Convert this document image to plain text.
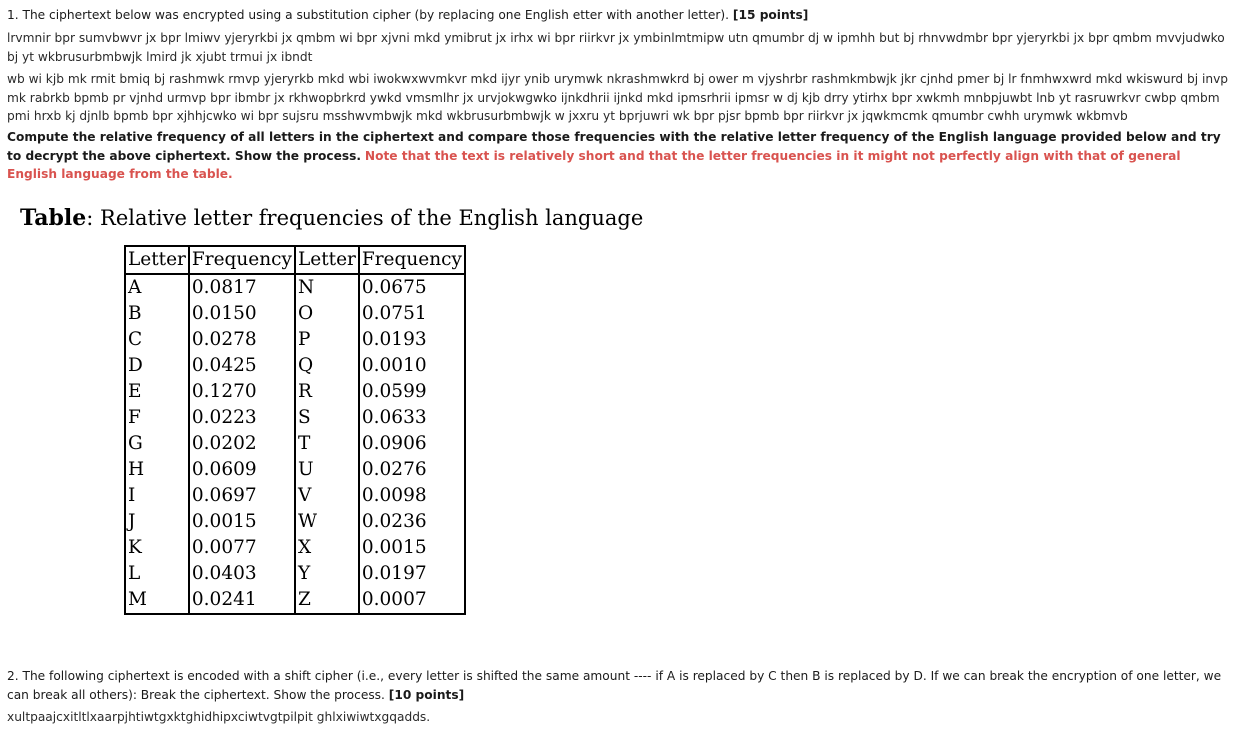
1. The ciphertext below was encrypted using a substitution cipher (by replacing one English etter with another letter). [15 points]
lrvmnir bpr sumvbwvr jx bpr lmiwv yjeryrkbi jx qmbm wi bpr xjvni mkd ymibrut jx irhx wi bpr riirkvr jx ymbinlmtmipw utn qmumbr dj w ipmhh but bj rhnvwdmbr bpr yjeryrkbi jx bpr qmbm mvvjudwko bj yt wkbrusurbmbwjk lmird jk xjubt trmui jx ibndt
wb wi kjb mk rmit bmiq bj rashmwk rmvp yjeryrkb mkd wbi iwokwxwvmkvr mkd ijyr ynib urymwk nkrashmwkrd bj ower m vjyshrbr rashmkmbwjk jkr cjnhd pmer bj lr fnmhwxwrd mkd wkiswurd bj invp mk rabrkb bpmb pr vjnhd urmvp bpr ibmbr jx rkhwopbrkrd ywkd vmsmlhr jx urvjokwgwko ijnkdhrii ijnkd mkd ipmsrhrii ipmsr w dj kjb drry ytirhx bpr xwkmh mnbpjuwbt lnb yt rasruwrkvr cwbp qmbm pmi hrxb kj djnlb bpmb bpr xjhhjcwko wi bpr sujsru msshwvmbwjk mkd wkbrusurbmbwjk w jxxru yt bprjuwri wk bpr pjsr bpmb bpr riirkvr jx jqwkmcmk qmumbr cwhh urymwk wkbmvb
Compute the relative frequency of all letters in the ciphertext and compare those frequencies with the relative letter frequency of the English language provided below and try to decrypt the above ciphertext. Show the process. Note that the text is relatively short and that the letter frequencies in it might not perfectly align with that of general English language from the table.
Table: Relative letter frequencies of the English language
Letter	Frequency	Letter	Frequency
A	0.0817	N	0.0675
B	0.0150	O	0.0751
C	0.0278	P	0.0193
D	0.0425	Q	0.0010
E	0.1270	R	0.0599
F	0.0223	S	0.0633
G	0.0202	T	0.0906
H	0.0609	U	0.0276
I	0.0697	V	0.0098
J	0.0015	W	0.0236
K	0.0077	X	0.0015
L	0.0403	Y	0.0197
M	0.0241	Z	0.0007
2. The following ciphertext is encoded with a shift cipher (i.e., every letter is shifted the same amount ---- if A is replaced by C then B is replaced by D. If we can break the encryption of one letter, we can break all others): Break the ciphertext. Show the process. [10 points]
xultpaajcxitltlxaarpjhtiwtgxktghidhipxciwtvgtpilpit ghlxiwiwtxgqadds.
